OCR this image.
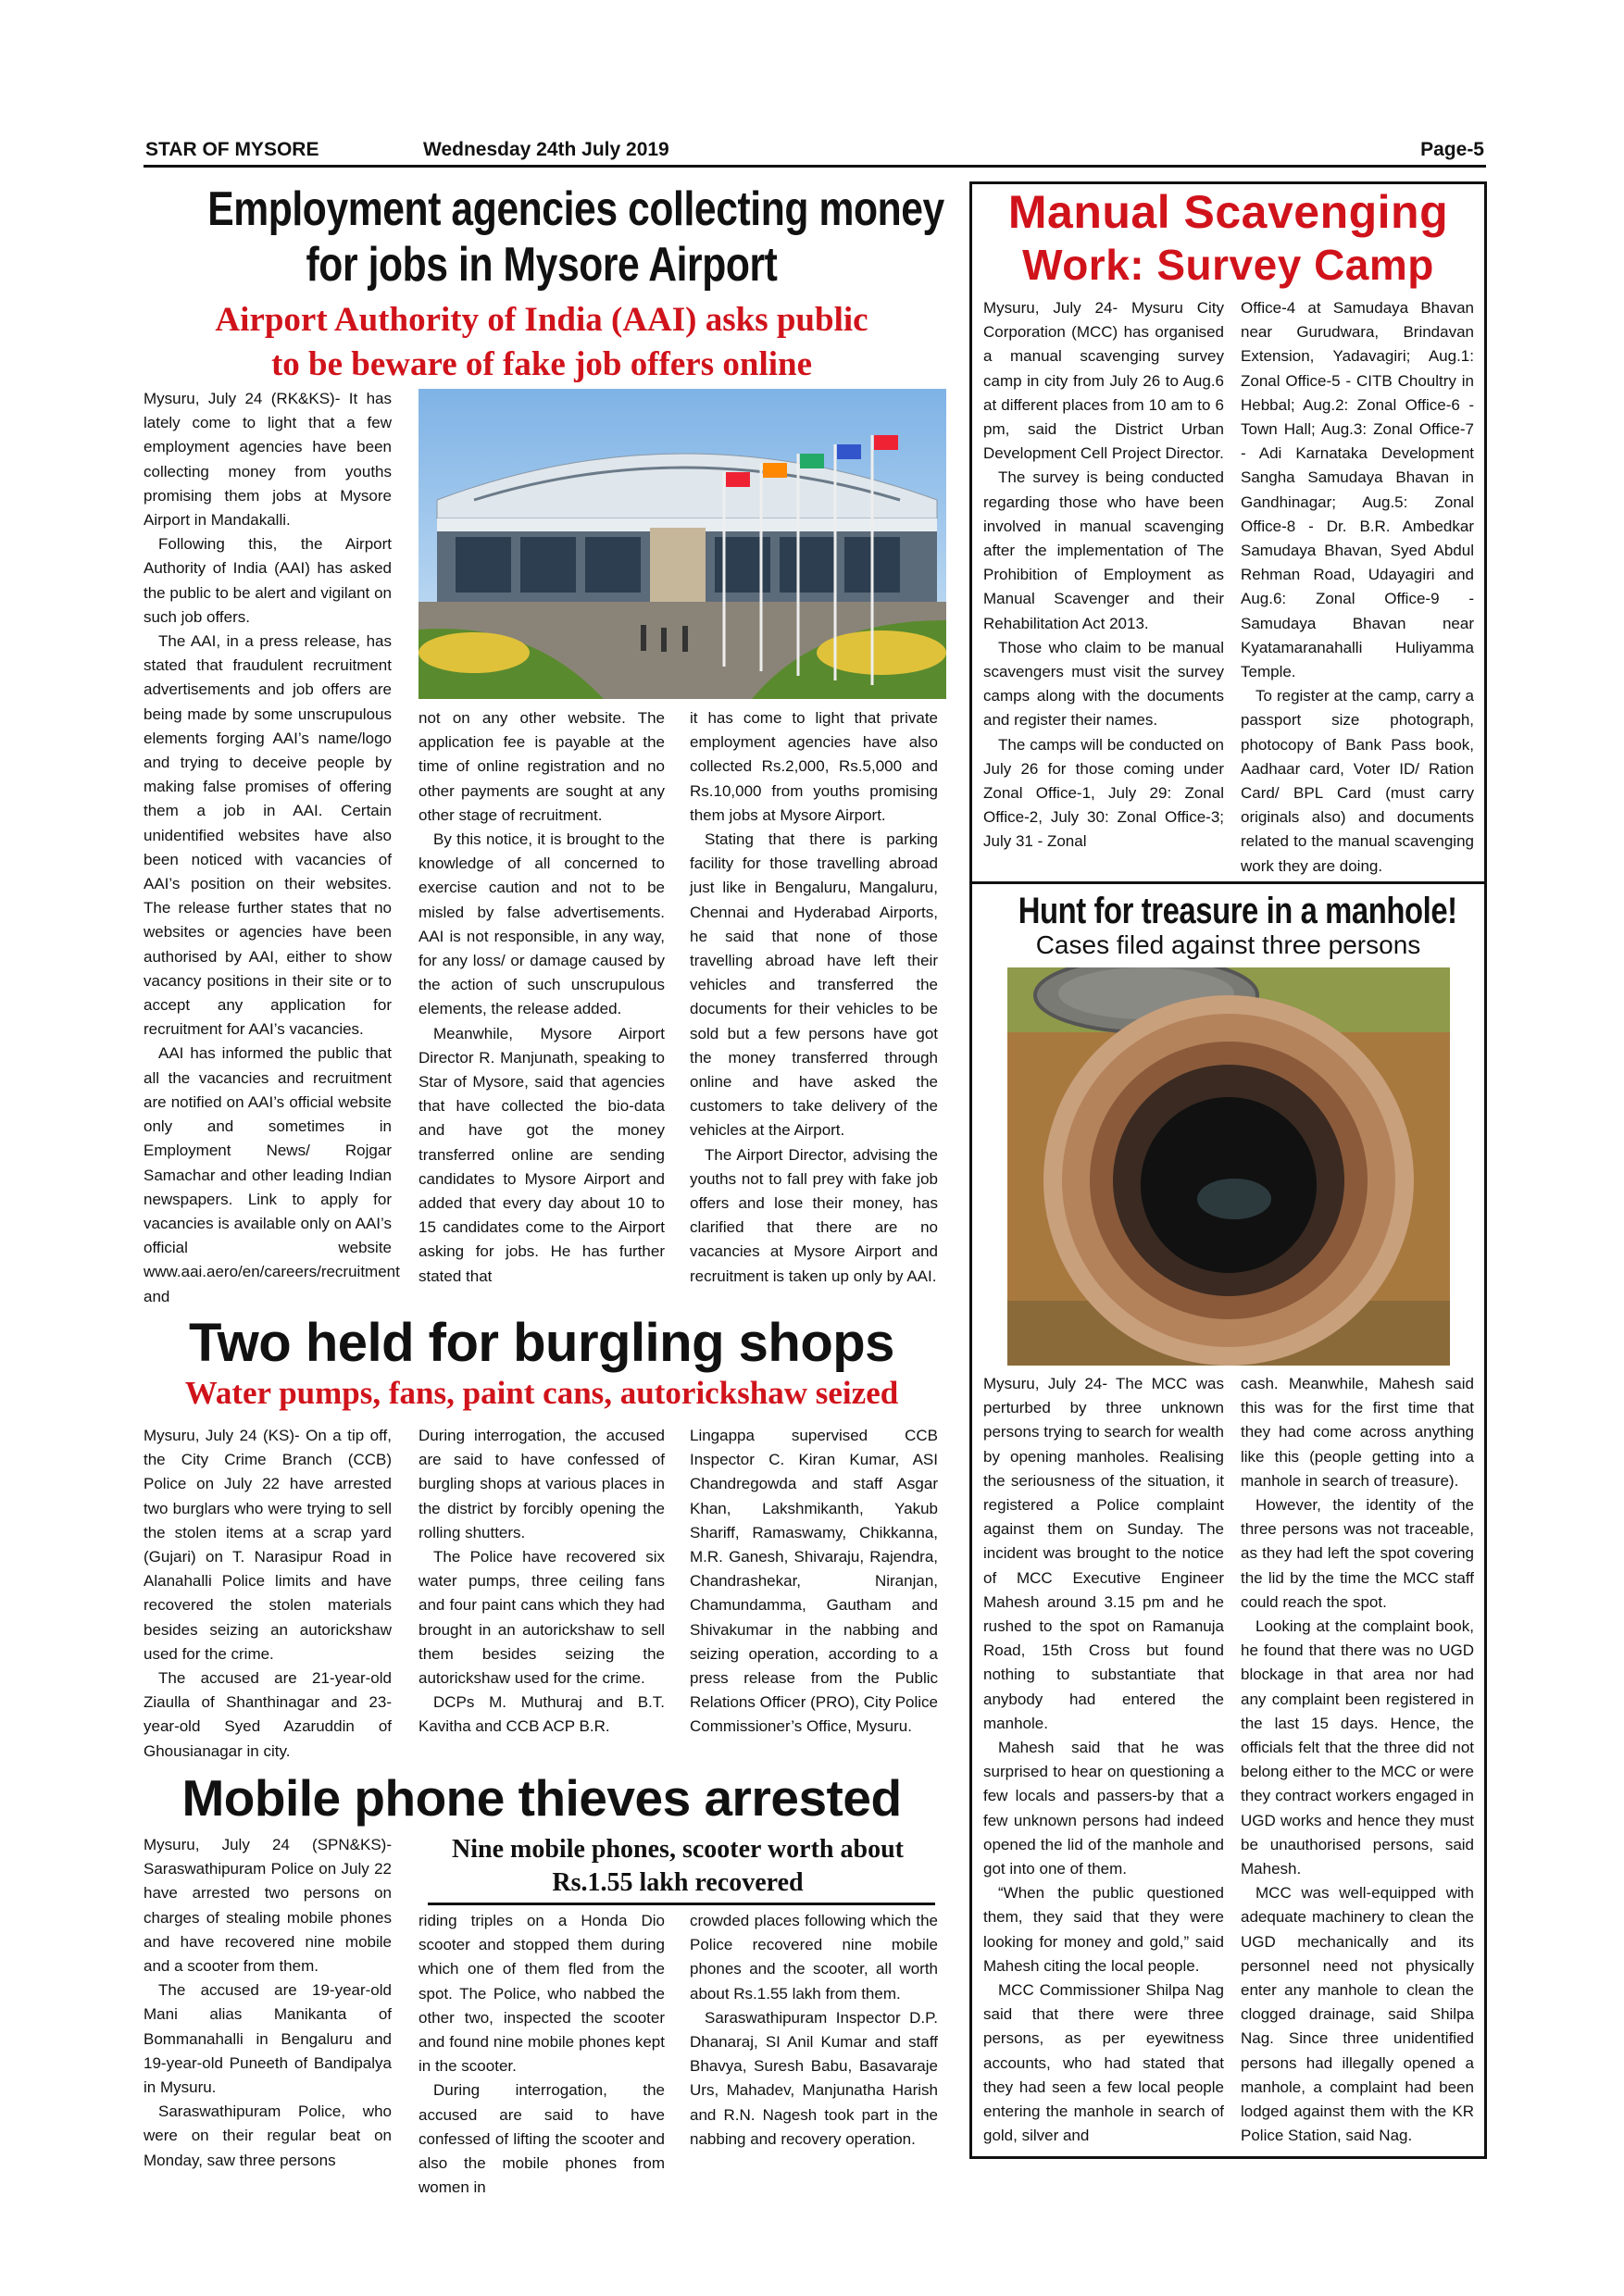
STAR OF MYSORE	Wednesday 24th July 2019	Page-5
Employment agencies collecting money
for jobs in Mysore Airport
Airport Authority of India (AAI) asks public
to be beware of fake job offers online

Mysuru, July 24 (RK&KS)- It has lately come to light that a few employment agencies have been collecting money from youths promising them jobs at Mysore Airport in Mandakalli.

Following this, the Airport Authority of India (AAI) has asked the public to be alert and vigilant on such job offers.

The AAI, in a press release, has stated that fraudulent recruitment advertisements and job offers are being made by some unscrupulous elements forging AAI’s name/logo and trying to deceive people by making false promises of offering them a job in AAI. Certain unidentified websites have also been noticed with vacancies of AAI’s position on their websites. The release further states that no websites or agencies have been authorised by AAI, either to show vacancy positions in their site or to accept any application for recruitment for AAI’s vacancies.

AAI has informed the public that all the vacancies and recruitment are notified on AAI’s official website only and sometimes in Employment News/ Rojgar Samachar and other leading Indian newspapers. Link to apply for vacancies is available only on AAI’s official website www.aai.aero/en/careers/recruitment and

not on any other website. The application fee is payable at the time of online registration and no other payments are sought at any other stage of recruitment.

By this notice, it is brought to the knowledge of all concerned to exercise caution and not to be misled by false advertisements. AAI is not responsible, in any way, for any loss/ or damage caused by the action of such unscrupulous elements, the release added.

Meanwhile, Mysore Airport Director R. Manjunath, speaking to Star of Mysore, said that agencies that have collected the bio-data and have got the money transferred online are sending candidates to Mysore Airport and added that every day about 10 to 15 candidates come to the Airport asking for jobs. He has further stated that

it has come to light that private employment agencies have also collected Rs.2,000, Rs.5,000 and Rs.10,000 from youths promising them jobs at Mysore Airport.

Stating that there is parking facility for those travelling abroad just like in Bengaluru, Mangaluru, Chennai and Hyderabad Airports, he said that none of those travelling abroad have left their vehicles and transferred the documents for their vehicles to be sold but a few persons have got the money transferred through online and have asked the customers to take delivery of the vehicles at the Airport.

The Airport Director, advising the youths not to fall prey with fake job offers and lose their money, has clarified that there are no vacancies at Mysore Airport and recruitment is taken up only by AAI.

Two held for burgling shops
Water pumps, fans, paint cans, autorickshaw seized

Mysuru, July 24 (KS)- On a tip off, the City Crime Branch (CCB) Police on July 22 have arrested two burglars who were trying to sell the stolen items at a scrap yard (Gujari) on T. Narasipur Road in Alanahalli Police limits and have recovered the stolen materials besides seizing an autorickshaw used for the crime.

The accused are 21-year-old Ziaulla of Shanthinagar and 23-year-old Syed Azaruddin of Ghousianagar in city.

During interrogation, the accused are said to have confessed of burgling shops at various places in the district by forcibly opening the rolling shutters.

The Police have recovered six water pumps, three ceiling fans and four paint cans which they had brought in an autorickshaw to sell them besides seizing the autorickshaw used for the crime.

DCPs M. Muthuraj and B.T. Kavitha and CCB ACP B.R.

Lingappa supervised CCB Inspector C. Kiran Kumar, ASI Chandregowda and staff Asgar Khan, Lakshmikanth, Yakub Shariff, Ramaswamy, Chikkanna, M.R. Ganesh, Shivaraju, Rajendra, Chandrashekar, Niranjan, Chamundamma, Gautham and Shivakumar in the nabbing and seizing operation, according to a press release from the Public Relations Officer (PRO), City Police Commissioner’s Office, Mysuru.

Mobile phone thieves arrested

Mysuru, July 24 (SPN&KS)- Saraswathipuram Police on July 22 have arrested two persons on charges of stealing mobile phones and have recovered nine mobile and a scooter from them.

The accused are 19-year-old Mani alias Manikanta of Bommanahalli in Bengaluru and 19-year-old Puneeth of Bandipalya in Mysuru.

Saraswathipuram Police, who were on their regular beat on Monday, saw three persons

Nine mobile phones, scooter worth about
Rs.1.55 lakh recovered

riding triples on a Honda Dio scooter and stopped them during which one of them fled from the spot. The Police, who nabbed the other two, inspected the scooter and found nine mobile phones kept in the scooter.

During interrogation, the accused are said to have confessed of lifting the scooter and also the mobile phones from women in

crowded places following which the Police recovered nine mobile phones and the scooter, all worth about Rs.1.55 lakh from them.

Saraswathipuram Inspector D.P. Dhanaraj, SI Anil Kumar and staff Bhavya, Suresh Babu, Basavaraje Urs, Mahadev, Manjunatha Harish and R.N. Nagesh took part in the nabbing and recovery operation.

Manual Scavenging
Work: Survey Camp

Mysuru, July 24- Mysuru City Corporation (MCC) has organised a manual scavenging survey camp in city from July 26 to Aug.6 at different places from 10 am to 6 pm, said the District Urban Development Cell Project Director.

The survey is being conducted regarding those who have been involved in manual scavenging after the implementation of The Prohibition of Employment as Manual Scavenger and their Rehabilitation Act 2013.

Those who claim to be manual scavengers must visit the survey camps along with the documents and register their names.

The camps will be conducted on July 26 for those coming under Zonal Office-1, July 29: Zonal Office-2, July 30: Zonal Office-3; July 31 - Zonal

Office-4 at Samudaya Bhavan near Gurudwara, Brindavan Extension, Yadavagiri; Aug.1: Zonal Office-5 - CITB Choultry in Hebbal; Aug.2: Zonal Office-6 - Town Hall; Aug.3: Zonal Office-7 - Adi Karnataka Development Sangha Samudaya Bhavan in Gandhinagar; Aug.5: Zonal Office-8 - Dr. B.R. Ambedkar Samudaya Bhavan, Syed Abdul Rehman Road, Udayagiri and Aug.6: Zonal Office-9 - Samudaya Bhavan near Kyatamaranahalli Huliyamma Temple.

To register at the camp, carry a passport size photograph, photocopy of Bank Pass book, Aadhaar card, Voter ID/ Ration Card/ BPL Card (must carry originals also) and documents related to the manual scavenging work they are doing.

Hunt for treasure in a manhole!
Cases filed against three persons

Mysuru, July 24- The MCC was perturbed by three unknown persons trying to search for wealth by opening manholes. Realising the seriousness of the situation, it registered a Police complaint against them on Sunday. The incident was brought to the notice of MCC Executive Engineer Mahesh around 3.15 pm and he rushed to the spot on Ramanuja Road, 15th Cross but found nothing to substantiate that anybody had entered the manhole.

Mahesh said that he was surprised to hear on questioning a few locals and passers-by that a few unknown persons had indeed opened the lid of the manhole and got into one of them.

“When the public questioned them, they said that they were looking for money and gold,” said Mahesh citing the local people.

MCC Commissioner Shilpa Nag said that there were three persons, as per eyewitness accounts, who had stated that they had seen a few local people entering the manhole in search of gold, silver and

cash. Meanwhile, Mahesh said this was for the first time that they had come across anything like this (people getting into a manhole in search of treasure).

However, the identity of the three persons was not traceable, as they had left the spot covering the lid by the time the MCC staff could reach the spot.

Looking at the complaint book, he found that there was no UGD blockage in that area nor had any complaint been registered in the last 15 days. Hence, the officials felt that the three did not belong either to the MCC or were they contract workers engaged in UGD works and hence they must be unauthorised persons, said Mahesh.

MCC was well-equipped with adequate machinery to clean the UGD mechanically and its personnel need not physically enter any manhole to clean the clogged drainage, said Shilpa Nag. Since three unidentified persons had illegally opened a manhole, a complaint had been lodged against them with the KR Police Station, said Nag.
